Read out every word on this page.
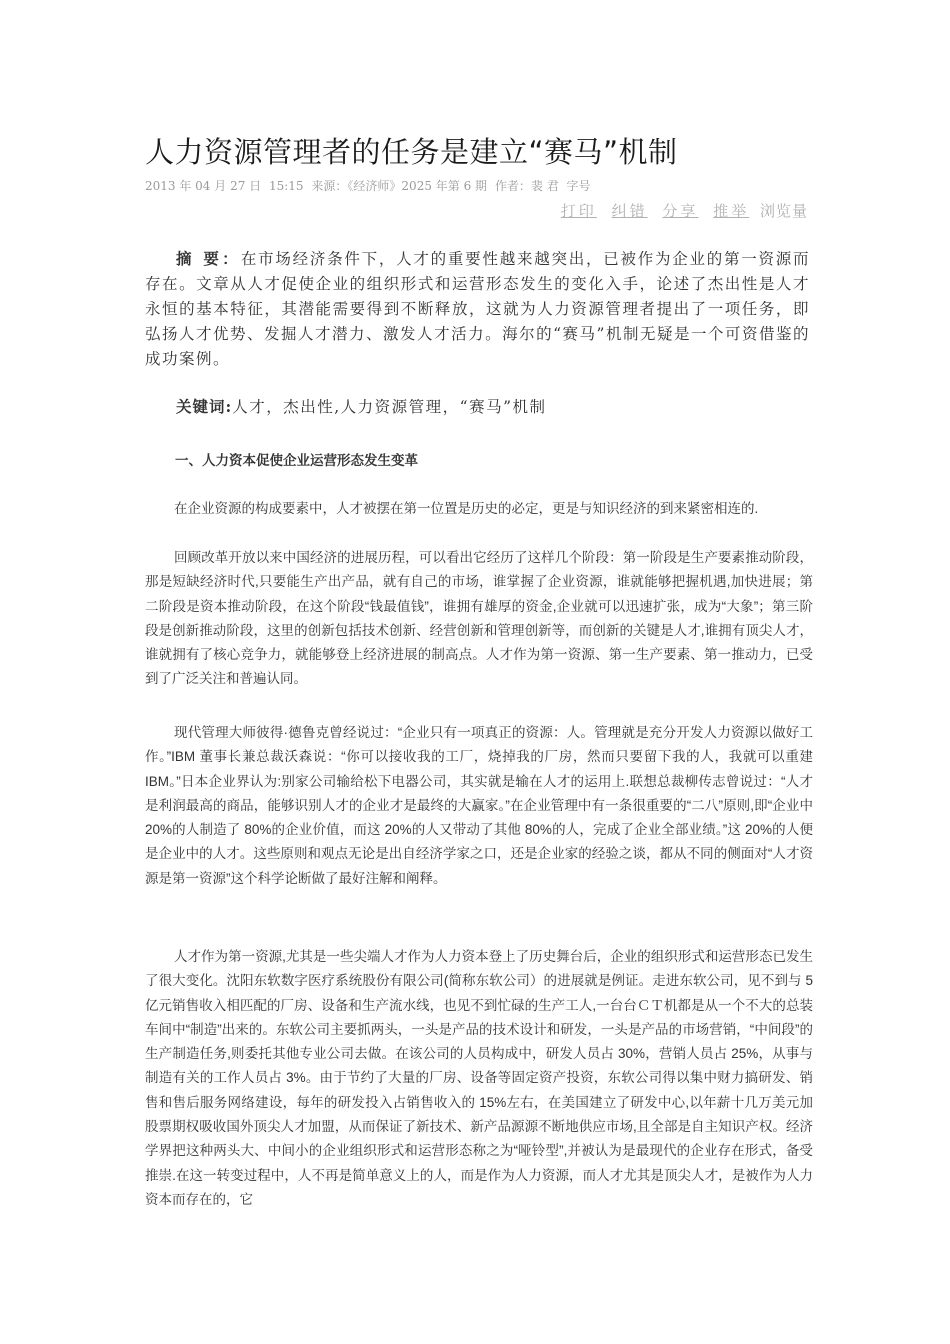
人力资源管理者的任务是建立“赛马”机制
2013 年 04 月 27 日 15:15 来源：《经济师》2025 年第 6 期 作者：裴 君 字号
打印 纠错 分享 推举 浏览量

摘 要：在市场经济条件下，人才的重要性越来越突出，已被作为企业的第一资源而存在。文章从人才促使企业的组织形式和运营形态发生的变化入手，论述了杰出性是人才永恒的基本特征，其潜能需要得到不断释放，这就为人力资源管理者提出了一项任务，即弘扬人才优势、发掘人才潜力、激发人才活力。海尔的“赛马”机制无疑是一个可资借鉴的成功案例。

关键词:人才，杰出性,人力资源管理，“赛马”机制

一、人力资本促使企业运营形态发生变革

在企业资源的构成要素中，人才被摆在第一位置是历史的必定，更是与知识经济的到来紧密相连的.

回顾改革开放以来中国经济的进展历程，可以看出它经历了这样几个阶段：第一阶段是生产要素推动阶段，那是短缺经济时代,只要能生产出产品，就有自己的市场，谁掌握了企业资源，谁就能够把握机遇,加快进展；第二阶段是资本推动阶段，在这个阶段“钱最值钱”，谁拥有雄厚的资金,企业就可以迅速扩张，成为“大象”；第三阶段是创新推动阶段，这里的创新包括技术创新、经营创新和管理创新等，而创新的关键是人才,谁拥有顶尖人才，谁就拥有了核心竞争力，就能够登上经济进展的制高点。人才作为第一资源、第一生产要素、第一推动力，已受到了广泛关注和普遍认同。

现代管理大师彼得·德鲁克曾经说过：“企业只有一项真正的资源：人。管理就是充分开发人力资源以做好工作。”IBM 董事长兼总裁沃森说：“你可以接收我的工厂，烧掉我的厂房，然而只要留下我的人，我就可以重建 IBM。”日本企业界认为:别家公司输给松下电器公司，其实就是输在人才的运用上.联想总裁柳传志曾说过：“人才是利润最高的商品，能够识别人才的企业才是最终的大赢家。”在企业管理中有一条很重要的“二八”原则,即“企业中 20%的人制造了 80%的企业价值，而这 20%的人又带动了其他 80%的人，完成了企业全部业绩。”这 20%的人便是企业中的人才。这些原则和观点无论是出自经济学家之口，还是企业家的经验之谈，都从不同的侧面对“人才资源是第一资源”这个科学论断做了最好注解和阐释。

人才作为第一资源,尤其是一些尖端人才作为人力资本登上了历史舞台后，企业的组织形式和运营形态已发生了很大变化。沈阳东软数字医疗系统股份有限公司(简称东软公司）的进展就是例证。走进东软公司，见不到与 5 亿元销售收入相匹配的厂房、设备和生产流水线，也见不到忙碌的生产工人,一台台ＣＴ机都是从一个不大的总装车间中“制造”出来的。东软公司主要抓两头，一头是产品的技术设计和研发，一头是产品的市场营销，“中间段”的生产制造任务,则委托其他专业公司去做。在该公司的人员构成中，研发人员占 30%，营销人员占 25%，从事与制造有关的工作人员占 3%。由于节约了大量的厂房、设备等固定资产投资，东软公司得以集中财力搞研发、销售和售后服务网络建设，每年的研发投入占销售收入的 15%左右，在美国建立了研发中心,以年薪十几万美元加股票期权吸收国外顶尖人才加盟，从而保证了新技术、新产品源源不断地供应市场,且全部是自主知识产权。经济学界把这种两头大、中间小的企业组织形式和运营形态称之为“哑铃型”,并被认为是最现代的企业存在形式，备受推崇.在这一转变过程中，人不再是简单意义上的人，而是作为人力资源，而人才尤其是顶尖人才，是被作为人力资本而存在的，它
